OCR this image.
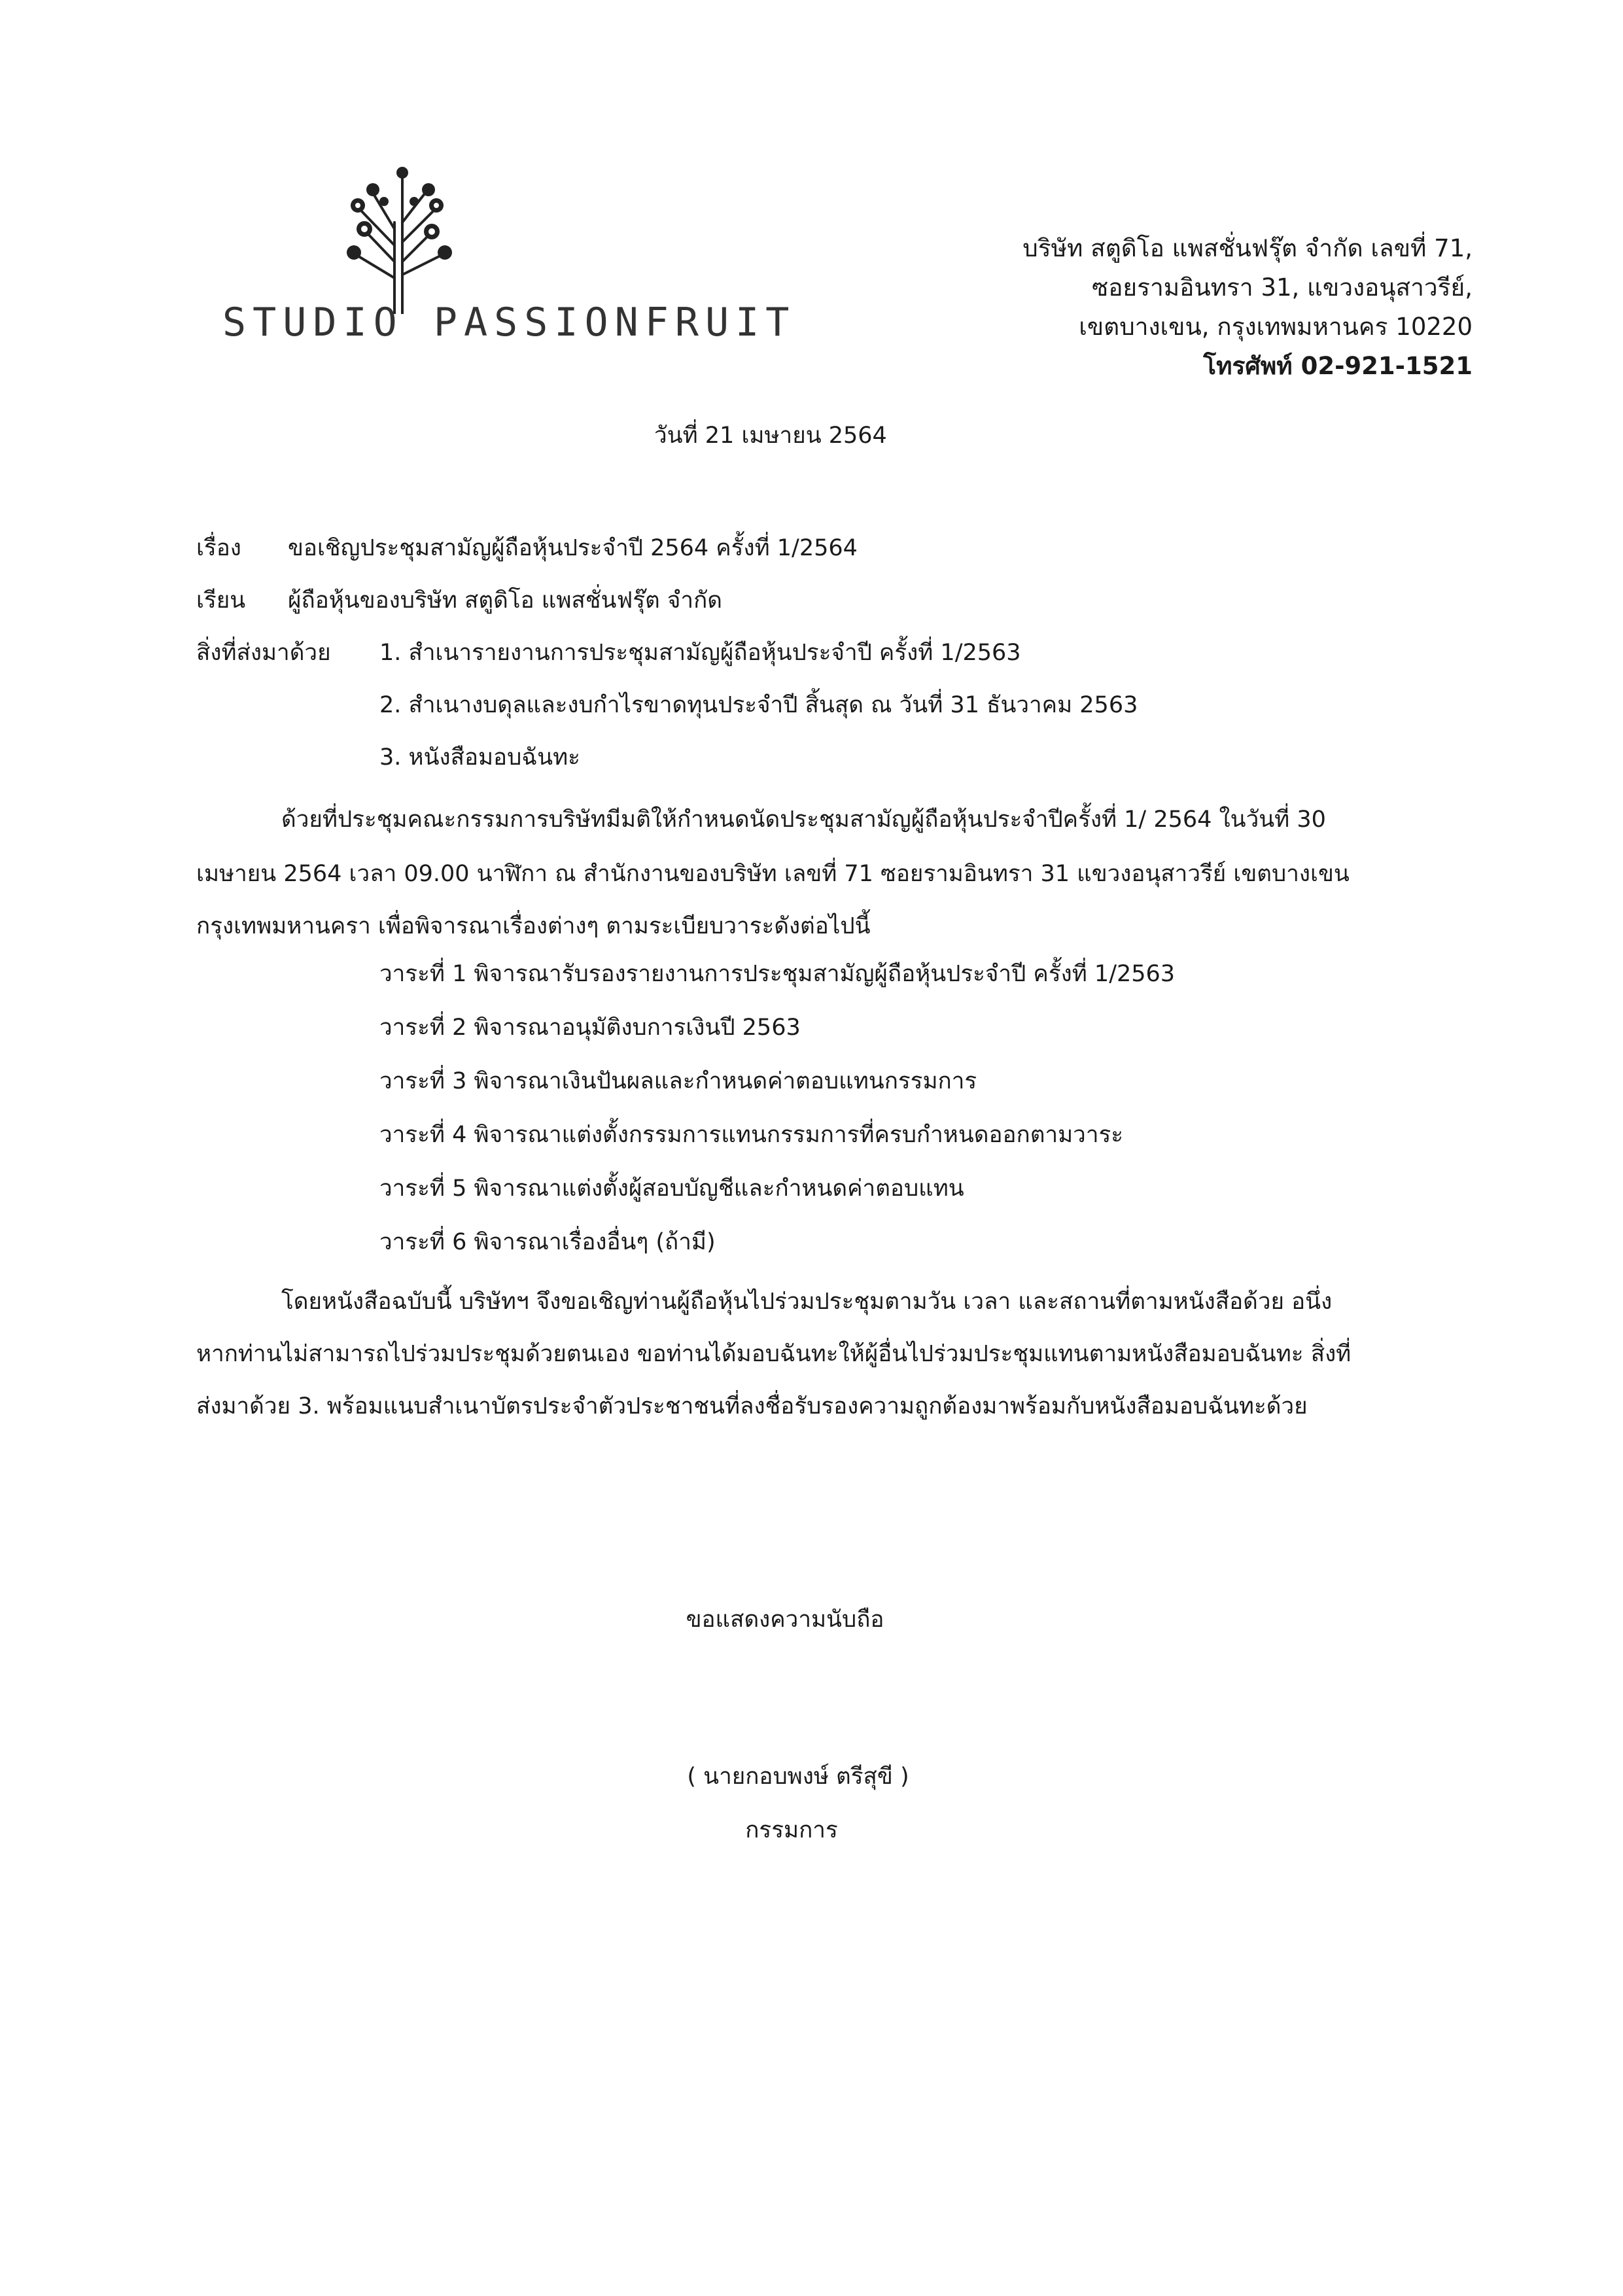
STUDIO PASSIONFRUIT
บริษัท สตูดิโอ แพสชั่นฟรุ๊ต จำกัด เลขที่ 71,
ซอยรามอินทรา 31, แขวงอนุสาวรีย์,
เขตบางเขน, กรุงเทพมหานคร 10220
โทรศัพท์ 02-921-1521
วันที่ 21 เมษายน 2564
เรื่อง ขอเชิญประชุมสามัญผู้ถือหุ้นประจำปี 2564 ครั้งที่ 1/2564
เรียน ผู้ถือหุ้นของบริษัท สตูดิโอ แพสชั่นฟรุ๊ต จำกัด
สิ่งที่ส่งมาด้วย 1. สำเนารายงานการประชุมสามัญผู้ถือหุ้นประจำปี ครั้งที่ 1/2563
2. สำเนางบดุลและงบกำไรขาดทุนประจำปี สิ้นสุด ณ วันที่ 31 ธันวาคม 2563
3. หนังสือมอบฉันทะ
ด้วยที่ประชุมคณะกรรมการบริษัทมีมติให้กำหนดนัดประชุมสามัญผู้ถือหุ้นประจำปีครั้งที่ 1/ 2564 ในวันที่ 30
เมษายน 2564 เวลา 09.00 นาฬิกา ณ สำนักงานของบริษัท เลขที่ 71 ซอยรามอินทรา 31 แขวงอนุสาวรีย์ เขตบางเขน
กรุงเทพมหานครา เพื่อพิจารณาเรื่องต่างๆ ตามระเบียบวาระดังต่อไปนี้
วาระที่ 1 พิจารณารับรองรายงานการประชุมสามัญผู้ถือหุ้นประจำปี ครั้งที่ 1/2563
วาระที่ 2 พิจารณาอนุมัติงบการเงินปี 2563
วาระที่ 3 พิจารณาเงินปันผลและกำหนดค่าตอบแทนกรรมการ
วาระที่ 4 พิจารณาแต่งตั้งกรรมการแทนกรรมการที่ครบกำหนดออกตามวาระ
วาระที่ 5 พิจารณาแต่งตั้งผู้สอบบัญชีและกำหนดค่าตอบแทน
วาระที่ 6 พิจารณาเรื่องอื่นๆ (ถ้ามี)
โดยหนังสือฉบับนี้ บริษัทฯ จึงขอเชิญท่านผู้ถือหุ้นไปร่วมประชุมตามวัน เวลา และสถานที่ตามหนังสือด้วย อนึ่ง
หากท่านไม่สามารถไปร่วมประชุมด้วยตนเอง ขอท่านได้มอบฉันทะให้ผู้อื่นไปร่วมประชุมแทนตามหนังสือมอบฉันทะ สิ่งที่
ส่งมาด้วย 3. พร้อมแนบสำเนาบัตรประจำตัวประชาชนที่ลงชื่อรับรองความถูกต้องมาพร้อมกับหนังสือมอบฉันทะด้วย
ขอแสดงความนับถือ
( นายกอบพงษ์ ตรีสุขี )
กรรมการ
